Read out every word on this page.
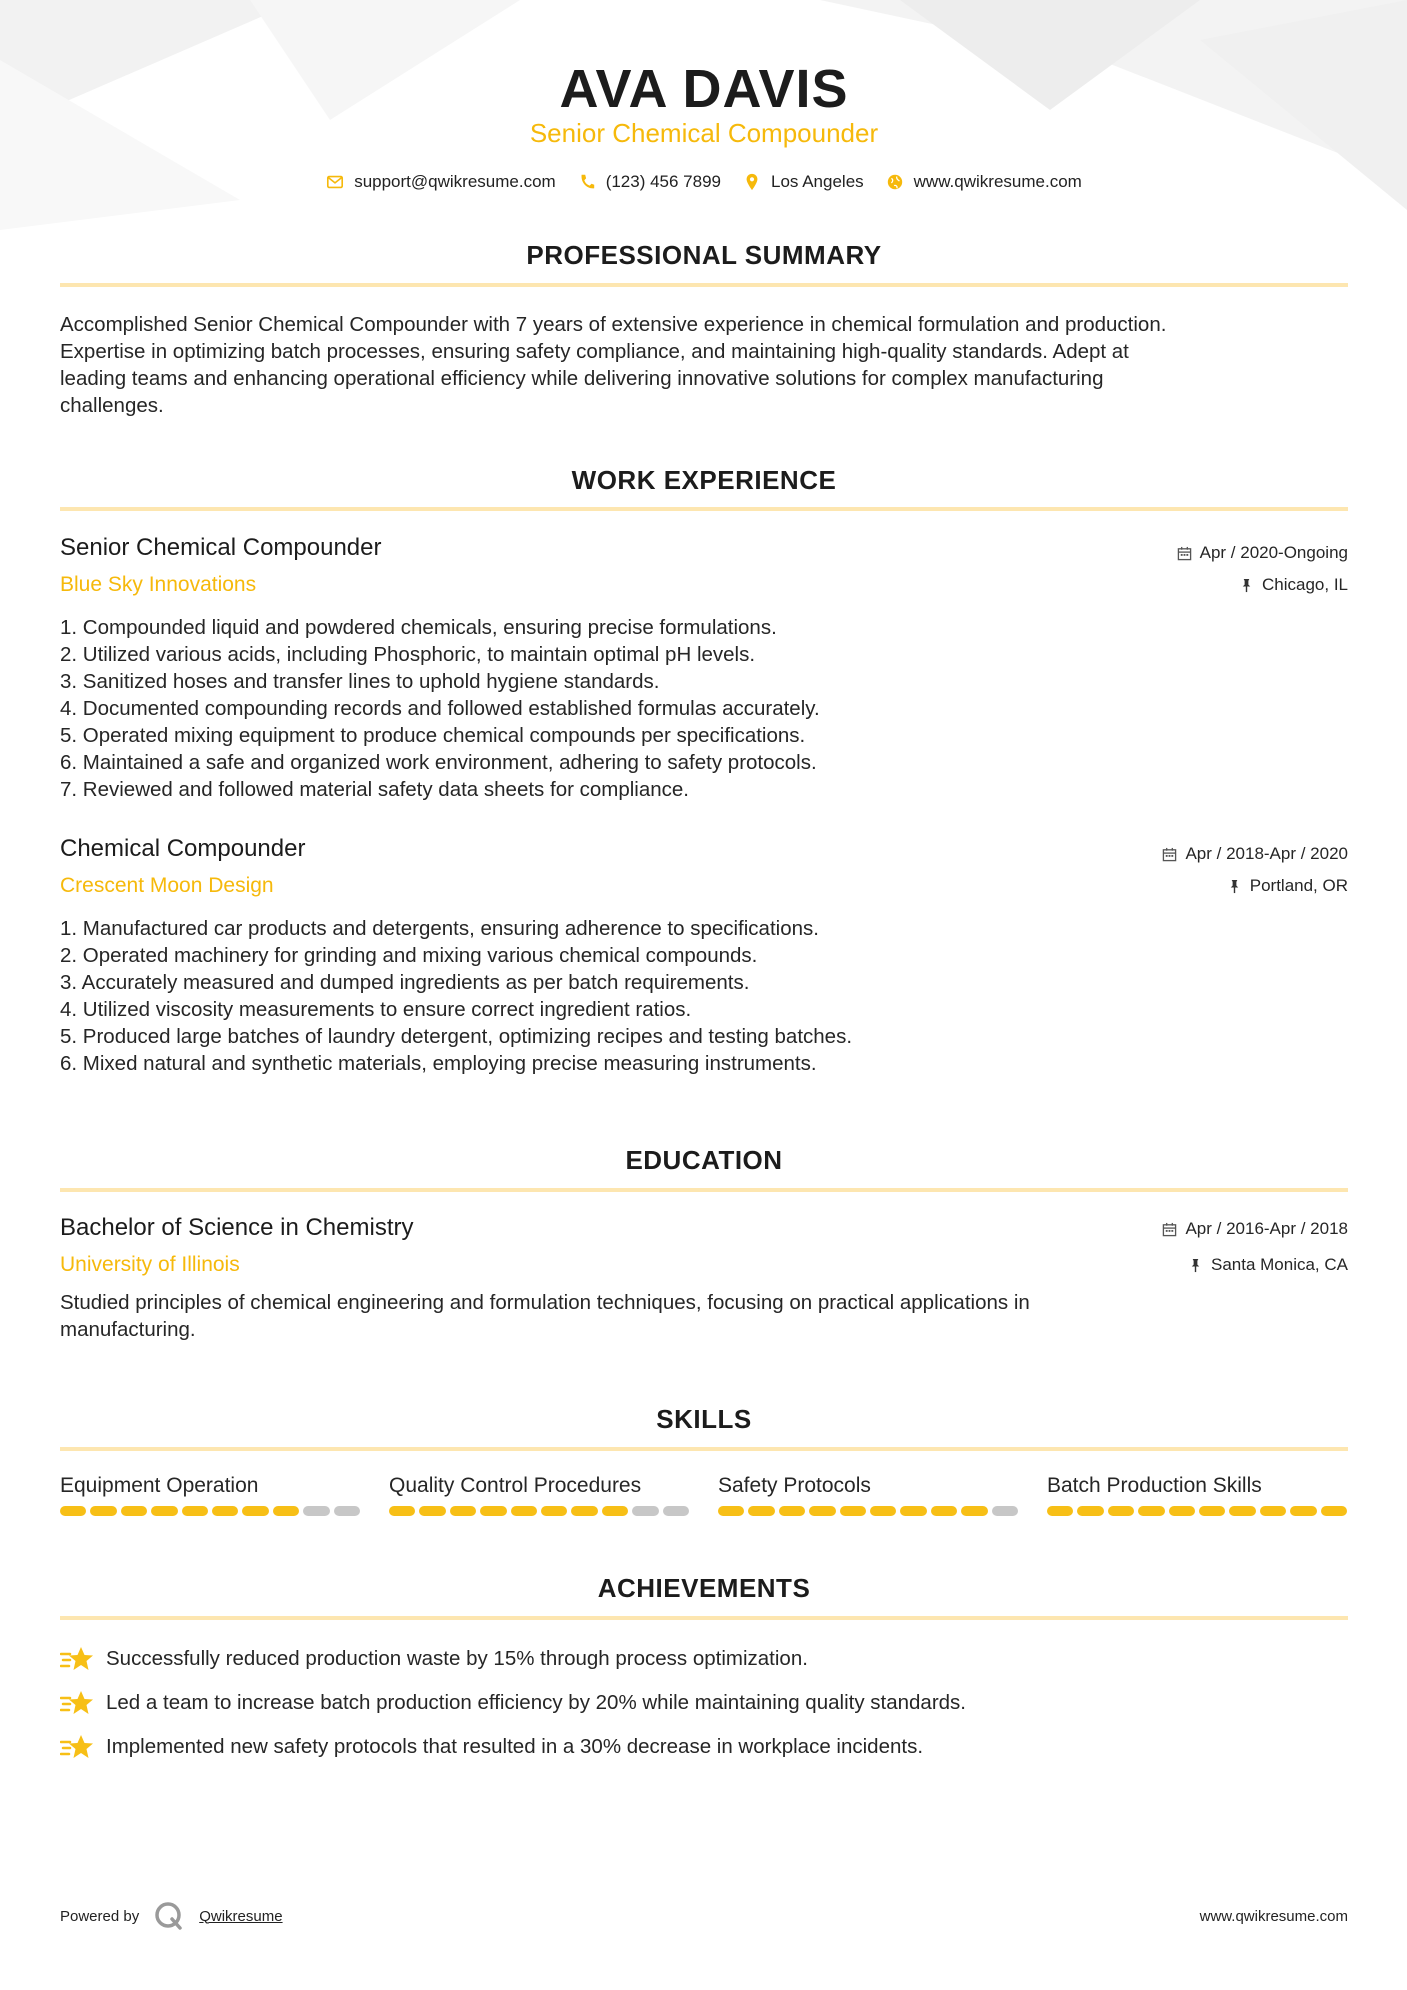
AVA DAVIS
Senior Chemical Compounder
support@qwikresume.com	(123) 456 7899	Los Angeles	www.qwikresume.com
PROFESSIONAL SUMMARY
Accomplished Senior Chemical Compounder with 7 years of extensive experience in chemical formulation and production.
Expertise in optimizing batch processes, ensuring safety compliance, and maintaining high-quality standards. Adept at
leading teams and enhancing operational efficiency while delivering innovative solutions for complex manufacturing
challenges.
WORK EXPERIENCE
Senior Chemical Compounder
Blue Sky Innovations
Apr / 2020-Ongoing
Chicago, IL
1. Compounded liquid and powdered chemicals, ensuring precise formulations.
2. Utilized various acids, including Phosphoric, to maintain optimal pH levels.
3. Sanitized hoses and transfer lines to uphold hygiene standards.
4. Documented compounding records and followed established formulas accurately.
5. Operated mixing equipment to produce chemical compounds per specifications.
6. Maintained a safe and organized work environment, adhering to safety protocols.
7. Reviewed and followed material safety data sheets for compliance.
Chemical Compounder
Crescent Moon Design
Apr / 2018-Apr / 2020
Portland, OR
1. Manufactured car products and detergents, ensuring adherence to specifications.
2. Operated machinery for grinding and mixing various chemical compounds.
3. Accurately measured and dumped ingredients as per batch requirements.
4. Utilized viscosity measurements to ensure correct ingredient ratios.
5. Produced large batches of laundry detergent, optimizing recipes and testing batches.
6. Mixed natural and synthetic materials, employing precise measuring instruments.
EDUCATION
Bachelor of Science in Chemistry
University of Illinois
Apr / 2016-Apr / 2018
Santa Monica, CA
Studied principles of chemical engineering and formulation techniques, focusing on practical applications in
manufacturing.
SKILLS
Equipment Operation	Quality Control Procedures	Safety Protocols	Batch Production Skills
ACHIEVEMENTS
Successfully reduced production waste by 15% through process optimization.
Led a team to increase batch production efficiency by 20% while maintaining quality standards.
Implemented new safety protocols that resulted in a 30% decrease in workplace incidents.
Powered by	Qwikresume	www.qwikresume.com
